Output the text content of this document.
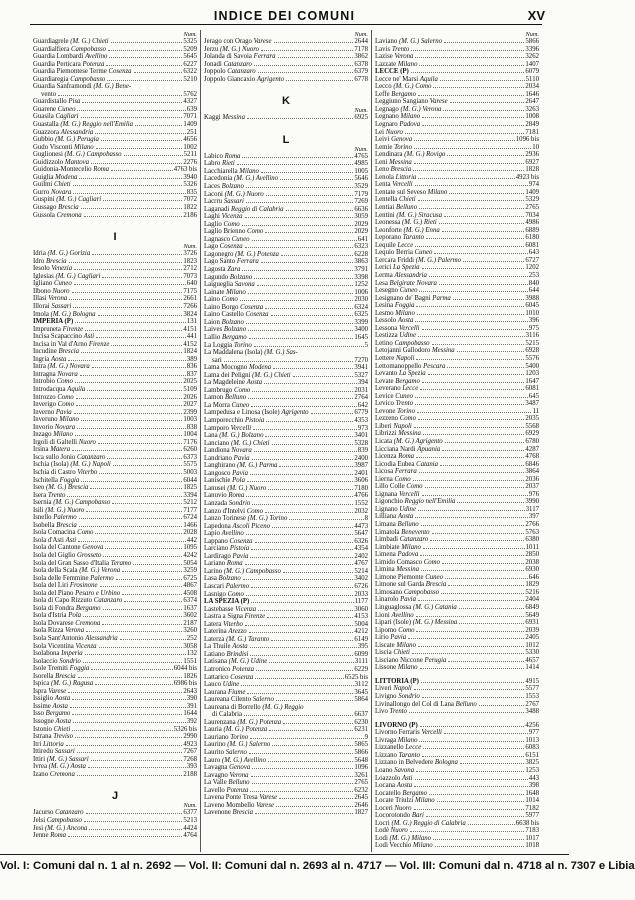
INDICE DEI COMUNI	XV
Num.
Guardiagrele (M. G.) Chieti	5325
Guardialfiera Campobasso	5209
Guardia Lombardi Avellino	5645
Guardia Perticara Potenza	6227
Guardia Piemontese Terme Cosenza	6322
Guardiaregia Campobasso	5210
Guardia Sanframondi (M. G.) Bene-
vento	5762
Guardistallo Pisa	4327
Guarene Cuneo	639
Guasila Cagliari	7071
Guastalla (M. G.) Reggio nell'Emilia	1409
Guazzora Alessandria	251
Gubbio (M. G.) Perugia	4656
Gudo Visconti Milano	1002
Guglionesi (M. G.) Campobasso	5211
Guidizzolo Mantova	2276
Guidonia-Montecelio Roma	4763 bis
Guiglia Modena	3940
Guilmi Chieti	5326
Gurro Novara	835
Guspini (M. G.) Cagliari	7072
Gussago Brescia	1822
Gussola Cremona	2186
I
Num.
Idria (M. G.) Gorizia	3726
Idro Brescia	1823
Iesolo Venezia	2712
Iglesias (M. G.) Cagliari	7073
Igliano Cuneo	640
Ilbono Nuoro	7175
Illasi Verona	2661
Illorai Sassari	7266
Imola (M. G.) Bologna	3824
IMPERIA (P)	131
Impruneta Firenze	4151
Incisa Scapaccino Asti	441
Incisa in Val d'Arno Firenze	4152
Incudine Brescia	1824
Ingria Aosta	389
Intra (M. G.) Novara	836
Intragna Novara	837
Introbio Como	2025
Introdacqua Aquila	5109
Introzzo Como	2026
Inverigo Como	2027
Inverno Pavia	2399
Inveruno Milano	1003
Invorio Novara	838
Inzago Milano	1004
Irgoli di Galtelli Nuoro	7176
Irsina Matera	6260
Isca sullo Jonio Catanzaro	6373
Ischia (Isola) (M. G.) Napoli	5575
Ischia di Castro Viterbo	5003
Ischitella Foggia	6044
Iseo (M. G.) Brescia	1825
Isera Trento	3394
Isernia (M. G.) Campobasso	5212
Isili (M. G.) Nuoro	7177
Isnello Palermo	6724
Isobella Brescia	1466
Isola Comacina Como	2028
Isola d'Asti Asti	442
Isola del Cantone Genova	1095
Isola del Giglio Grosseto	4242
Isola del Gran Sasso d'Italia Teramo	5054
Isola della Scala (M. G.) Verona	3259
Isola delle Femmine Palermo	6725
Isola del Liri Frosinone	4867
Isola del Piano Pesaro e Urbino	4508
Isola di Capo Rizzuto Catanzaro	6374
Isola di Fondra Bergamo	1637
Isola d'Istria Pola	3602
Isola Dovarese Cremona	2187
Isola Rizza Verona	3260
Isola Sant'Antonio Alessandria	252
Isola Vicentina Vicenza	3058
Isolabona Imperia	132
Isolaccio Sondrio	1551
Isole Tremiti Foggia	6044 bis
Isorella Brescia	1826
Ispica (M. G.) Ragusa	6986 bis
Ispra Varese	2643
Issiglio Aosta	390
Issime Aosta	391
Isso Bergamo	1644
Issogne Aosta	392
Istonio Chieti	5326 bis
Istrana Treviso	2990
Itri Littoria	4923
Ittiredu Sassari	7267
Ittiri (M. G.) Sassari	7268
Ivrea (M. G.) Aosta	393
Izano Cremona	2188
J
Num.
Jacurso Catanzaro	6377
Jelsi Campobasso	5213
Jesi (M. G.) Ancona	4424
Jenne Roma	4764
Num.
Jerago con Orago Varese	2644
Jerzu (M. G.) Nuoro	7178
Jolanda di Savoia Ferrara	3862
Jonadi Catanzaro	6378
Joppolo Catanzaro	6379
Joppolo Giancaxio Agrigento	6778
K
Num.
Kaggi Messina	6925
L
Num.
Labico Roma	4765
Labro Rieti	4985
Lacchiarella Milano	1005
Lacedonia (M. G.) Avellino	5646
Laces Bolzano	3529
Laconi (M. G.) Nuoro	7179
Lacrru Sassari	7269
Laganadi Reggio di Calabria	6636
Laghi Vicenza	3059
Laglio Como	2029
Laglio Brienno Como	2029
Lagnasco Cuneo	641
Lago Cosenza	6323
Lagonegro (M. G.) Potenza	6228
Lago Santo Ferrara	3863
Lagosta Zara	3791
Lagundo Bolzano	3398
Laigueglia Savona	1252
Lainate Milano	1006
Laino Como	2030
Laino Borgo Cosenza	6324
Laino Castello Cosenza	6325
Laion Bolzano	3399
Laives Bolzano	3400
Lallio Bergamo	1645
La Loggia Torino	5
La Maddalena (Isola) (M. G.) Sas-
sari	7270
Lama Mocogno Modena	3941
Lama dei Peligni (M. G.) Chieti	5327
La Magdeleine Aosta	394
Lambrugo Como	2031
Lamon Belluno	2764
La Morra Cuneo	642
Lampedusa e Linosa (Isole) Agrigento	6779
Lamporecchio Pistoia	4353
Lamporo Vercelli	973
Lana (M. G.) Bolzano	3401
Lanciano (M. G.) Chieti	5328
Landiona Novara	839
Landriano Pavia	2400
Langhirano (M. G.) Parma	3987
Langosco Pavia	2401
Lanischie Pola	3606
Lanusei (M. G.) Nuoro	7180
Lanuvio Roma	4766
Lanzada Sondrio	1552
Lanzo d'Intelvi Como	2032
Lanzo Torinese (M. G.) Torino	8
Lapedona Ascoli Piceno	4473
Lapio Avellino	5647
Lappano Cosenza	6326
Larciano Pistoia	4354
Lardirago Pavia	2402
Lariano Roma	4767
Larino (M. G.) Campobasso	5214
Lasa Bolzano	3402
Lascari Palermo	6726
Lasnigo Como	2033
LA SPEZIA (P)	1177
Lastebasse Vicenza	3060
Lastra a Signa Firenze	4153
Latera Viterbo	5004
Laterina Arezzo	4212
Laterza (M. G.) Taranto	6149
La Thuile Aosta	395
Latiano Brindisi	6099
Latisana (M. G.) Udine	3111
Latronico Potenza	6229
Lattarico Cosenza	6525 bis
Lauco Udine	3112
Laurana Fiume	3645
Laureana Cilento Salerno	5864
Laureana di Borrello (M. G.) Reggio
di Calabria	6637
Laurenzana (M. G.) Potenza	6230
Lauria (M. G.) Potenza	6231
Lauriano Torino	9
Laurino (M. G.) Salerno	5865
Laurito Salerno	5866
Lauro (M. G.) Avellino	5648
Lavagna Genova	1096
Lavagno Verona	3261
La Valle Belluno	2765
Lavello Potenza	6232
Lavena Ponte Tresa Varese	2645
Laveno Mombello Varese	2646
Lavenone Brescia	1827
Num.
Laviano (M. G.) Salerno	5866
Lavis Trento	3396
Lazise Verona	3262
Lazzate Milano	1407
LECCE (P)	6079
Lecce ne' Marsi Aquila	5110
Lecco (M. G.) Como	2034
Leffe Bergamo	1646
Leggiuno Sangiano Varese	2647
Legnago (M. G.) Verona	3263
Legnano Milano	1008
Legnaro Padova	2849
Lei Nuoro	7181
Leivi Genova	1096 bis
Lemie Torino	10
Lendinara (M. G.) Rovigo	2936
Leni Messina	6927
Leno Brescia	1828
Lenola Littoria	4923 bis
Lenta Vercelli	974
Lentate sul Seveso Milano	1409
Lentella Chieti	5329
Lentiai Belluno	2765
Lentini (M. G.) Siracusa	7034
Leonessa (M. G.) Rieti	4986
Leonforte (M. G.) Enna	6889
Leporano Taranto	6180
Lequile Lecce	6081
Lequio Berria Cuneo	643
Lercara Friddi (M. G.) Palermo	6727
Lerici La Spezia	1202
Lerma Alessandria	253
Lesa Belgirate Novara	840
Lesegno Cuneo	644
Lesignano de' Bagni Parma	3988
Lesina Foggia	6045
Lesmo Milano	1010
Lessolo Aosta	396
Lessona Vercelli	975
Lestizza Udine	3116
Letino Campobasso	5215
Letojanni Gallodoro Messina	6928
Lettere Napoli	5576
Lettomanoppello Pescara	5400
Levanto La Spezia	1203
Levate Bergamo	1647
Leverano Lecce	6081
Levice Cuneo	645
Levico Trento	3487
Levone Torino	11
Lezzeno Como	2035
Liberi Napoli	5568
Librizzi Messina	6929
Licata (M. G.) Agrigento	6780
Licciana Nardi Apuania	4287
Licenza Roma	4768
Licodia Eubea Catania	6846
Licosa Ferrara	3864
Lierna Como	2036
Lillo Colle Como	2037
Lignana Vercelli	976
Ligonchio Reggio nell'Emilia	3990
Lignano Udine	3117
Lilliana Aosta	397
Limana Belluno	2766
Limatola Benevento	5763
Limbadi Catanzaro	6380
Limbiate Milano	1011
Limena Padova	2850
Limido Comasco Como	2038
Limina Messina	6930
Limone Piemonte Cuneo	646
Limone sul Garda Brescia	1829
Limosano Campobasso	5216
Linarolo Pavia	2404
Linguaglossa (M. G.) Catania	6849
Lioni Avellino	5649
Lipari (Isole) (M. G.) Messina	6931
Lipomo Como	2039
Lirio Pavia	2405
Liscate Milano	1012
Liscia Chieti	5330
Lisciano Niccone Perugia	4657
Lissone Milano	1414
LITTORIA (P)	4915
Liveri Napoli	5577
Livigno Sondrio	1553
Livinallongo del Col di Lana Belluno	2767
Livo Trento	3488
LIVORNO (P)	4256
Livorno Ferraris Vercelli	977
Livraga Milano	1013
Lizzanello Lecce	6083
Lizzano Taranto	6151
Lizzano in Belvedere Bologna	3825
Loano Savona	1253
Loazzolo Asti	443
Locana Aosta	398
Locatello Bergamo	1648
Locate Triulzi Milano	1014
Loceri Nuoro	7182
Locorotondo Bari	5977
Locri (M. G.) Reggio di Calabria	6638 bis
Lodè Nuoro	7183
Lodi (M. G.) Milano	1017
Lodi Vecchio Milano	1018
Vol. I: Comuni dal n. 1 al n. 2692 — Vol. II: Comuni dal n. 2693 al n. 4717 — Vol. III: Comuni dal n. 4718 al n. 7307 e Libia
